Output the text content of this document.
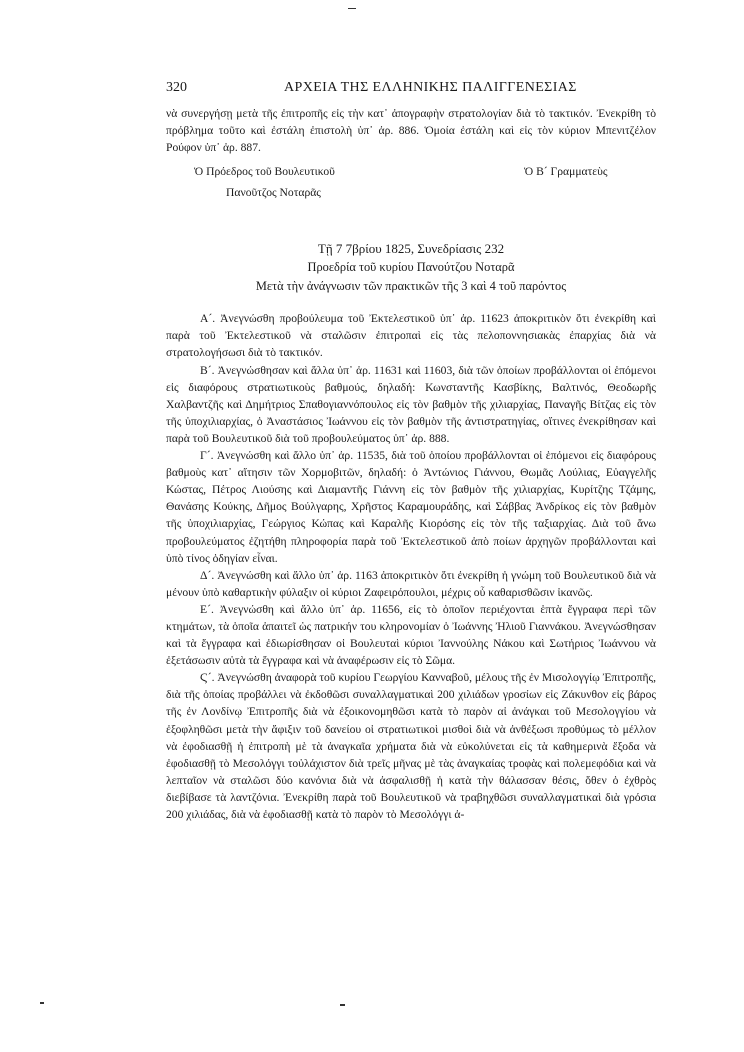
320	ΑΡΧΕΙΑ ΤΗΣ ΕΛΛΗΝΙΚΗΣ ΠΑΛΙΓΓΕΝΕΣΙΑΣ

νὰ συνεργήσῃ μετὰ τῆς ἐπιτροπῆς εἰς τὴν κατ᾽ ἀπογραφὴν στρατολογίαν διὰ τὸ τακτικόν. Ἐνεκρίθη τὸ πρόβλημα τοῦτο καὶ ἐστάλη ἐπιστολὴ ὑπ᾽ ἀρ. 886. Ὁμοία ἐστάλη καὶ εἰς τὸν κύριον Μπενιτζέλον Ρούφον ὑπ᾽ ἀρ. 887.

Ὁ Πρόεδρος τοῦ Βουλευτικοῦ
Πανοῦτζος Νοταρᾶς
Ὁ Β´ Γραμματεὺς
Τῇ 7 7βρίου 1825, Συνεδρίασις 232
Προεδρία τοῦ κυρίου Πανούτζου Νοταρᾶ
Μετὰ τὴν ἀνάγνωσιν τῶν πρακτικῶν τῆς 3 καὶ 4 τοῦ παρόντος

Α´. Ἀνεγνώσθη προβούλευμα τοῦ Ἐκτελεστικοῦ ὑπ᾽ ἀρ. 11623 ἀποκριτικὸν ὅτι ἐνεκρίθη καὶ παρὰ τοῦ Ἐκτελεστικοῦ νὰ σταλῶσιν ἐπιτροπαὶ εἰς τὰς πελοποννησιακὰς ἐπαρχίας διὰ νὰ στρατολογήσωσι διὰ τὸ τακτικόν.

Β´. Ἀνεγνώσθησαν καὶ ἄλλα ὑπ᾽ ἀρ. 11631 καὶ 11603, διὰ τῶν ὁποίων προβάλλονται οἱ ἑπόμενοι εἰς διαφόρους στρατιωτικοὺς βαθμούς, δηλαδή: Κωνσταντῆς Κασβίκης, Βαλτινός, Θεοδωρῆς Χαλβαντζῆς καὶ Δημήτριος Σπαθογιαννόπουλος εἰς τὸν βαθμὸν τῆς χιλιαρχίας, Παναγῆς Βίτζας εἰς τὸν τῆς ὑποχιλιαρχίας, ὁ Ἀναστάσιος Ἰωάννου εἰς τὸν βαθμὸν τῆς ἀντιστρατηγίας, οἵτινες ἐνεκρίθησαν καὶ παρὰ τοῦ Βουλευτικοῦ διὰ τοῦ προβουλεύματος ὑπ᾽ ἀρ. 888.

Γ´. Ἀνεγνώσθη καὶ ἄλλο ὑπ᾽ ἀρ. 11535, διὰ τοῦ ὁποίου προβάλλονται οἱ ἑπόμενοι εἰς διαφόρους βαθμοὺς κατ᾽ αἴτησιν τῶν Χορμοβιτῶν, δηλαδή: ὁ Ἀντώνιος Γιάννου, Θωμᾶς Λούλιας, Εὐαγγελῆς Κώστας, Πέτρος Λιούσης καὶ Διαμαντῆς Γιάννη εἰς τὸν βαθμὸν τῆς χιλιαρχίας, Κυρίτζης Τζάμης, Θανάσης Κούκης, Δῆμος Βούλγαρης, Χρῆστος Καραμουράδης, καὶ Σάββας Ἀνδρίκος εἰς τὸν βαθμὸν τῆς ὑποχιλιαρχίας, Γεώργιος Κώπας καὶ Καραλῆς Κιορόσης εἰς τὸν τῆς ταξιαρχίας. Διὰ τοῦ ἄνω προβουλεύματος ἐζητήθη πληροφορία παρὰ τοῦ Ἐκτελεστικοῦ ἀπὸ ποίων ἀρχηγῶν προβάλλονται καὶ ὑπὸ τίνος ὁδηγίαν εἶναι.

Δ´. Ἀνεγνώσθη καὶ ἄλλο ὑπ᾽ ἀρ. 1163 ἀποκριτικὸν ὅτι ἐνεκρίθη ἡ γνώμη τοῦ Βουλευτικοῦ διὰ νὰ μένουν ὑπὸ καθαρτικὴν φύλαξιν οἱ κύριοι Ζαφειρόπουλοι, μέχρις οὗ καθαρισθῶσιν ἱκανῶς.

Ε´. Ἀνεγνώσθη καὶ ἄλλο ὑπ᾽ ἀρ. 11656, εἰς τὸ ὁποῖον περιέχονται ἑπτὰ ἔγγραφα περὶ τῶν κτημάτων, τὰ ὁποῖα ἀπαιτεῖ ὡς πατρικήν του κληρονομίαν ὁ Ἰωάννης Ἠλιοῦ Γιαννάκου. Ἀνεγνώσθησαν καὶ τὰ ἔγγραφα καὶ ἐδιωρίσθησαν οἱ Βουλευταὶ κύριοι Ἰαννούλης Νάκου καὶ Σωτήριος Ἰωάννου νὰ ἐξετάσωσιν αὐτὰ τὰ ἔγγραφα καὶ νὰ ἀναφέρωσιν εἰς τὸ Σῶμα.

Ϛ´. Ἀνεγνώσθη ἀναφορὰ τοῦ κυρίου Γεωργίου Κανναβοῦ, μέλους τῆς ἐν Μισολογγίῳ Ἐπιτροπῆς, διὰ τῆς ὁποίας προβάλλει νὰ ἐκδοθῶσι συναλλαγματικαὶ 200 χιλιάδων γροσίων εἰς Ζάκυνθον εἰς βάρος τῆς ἐν Λονδίνῳ Ἐπιτροπῆς διὰ νὰ ἐξοικονομηθῶσι κατὰ τὸ παρὸν αἱ ἀνάγκαι τοῦ Μεσολογγίου νὰ ἐξοφληθῶσι μετὰ τὴν ἄφιξιν τοῦ δανείου οἱ στρατιωτικοὶ μισθοὶ διὰ νὰ ἀνθέξωσι προθύμως τὸ μέλλον νὰ ἐφοδιασθῇ ἡ ἐπιτροπὴ μὲ τὰ ἀναγκαῖα χρήματα διὰ νὰ εὐκολύνεται εἰς τὰ καθημερινὰ ἔξοδα νὰ ἐφοδιασθῇ τὸ Μεσολόγγι τοὐλάχιστον διὰ τρεῖς μῆνας μὲ τὰς ἀναγκαίας τροφὰς καὶ πολεμεφόδια καὶ νὰ λεπταῖον νὰ σταλῶσι δύο κανόνια διὰ νὰ ἀσφαλισθῇ ἡ κατὰ τὴν θάλασσαν θέσις, ὅθεν ὁ ἐχθρὸς διεβίβασε τὰ λαντζόνια. Ἐνεκρίθη παρὰ τοῦ Βουλευτικοῦ νὰ τραβηχθῶσι συναλλαγματικαὶ διὰ γρόσια 200 χιλιάδας, διὰ νὰ ἐφοδιασθῇ κατὰ τὸ παρὸν τὸ Μεσολόγγι ἀ-
